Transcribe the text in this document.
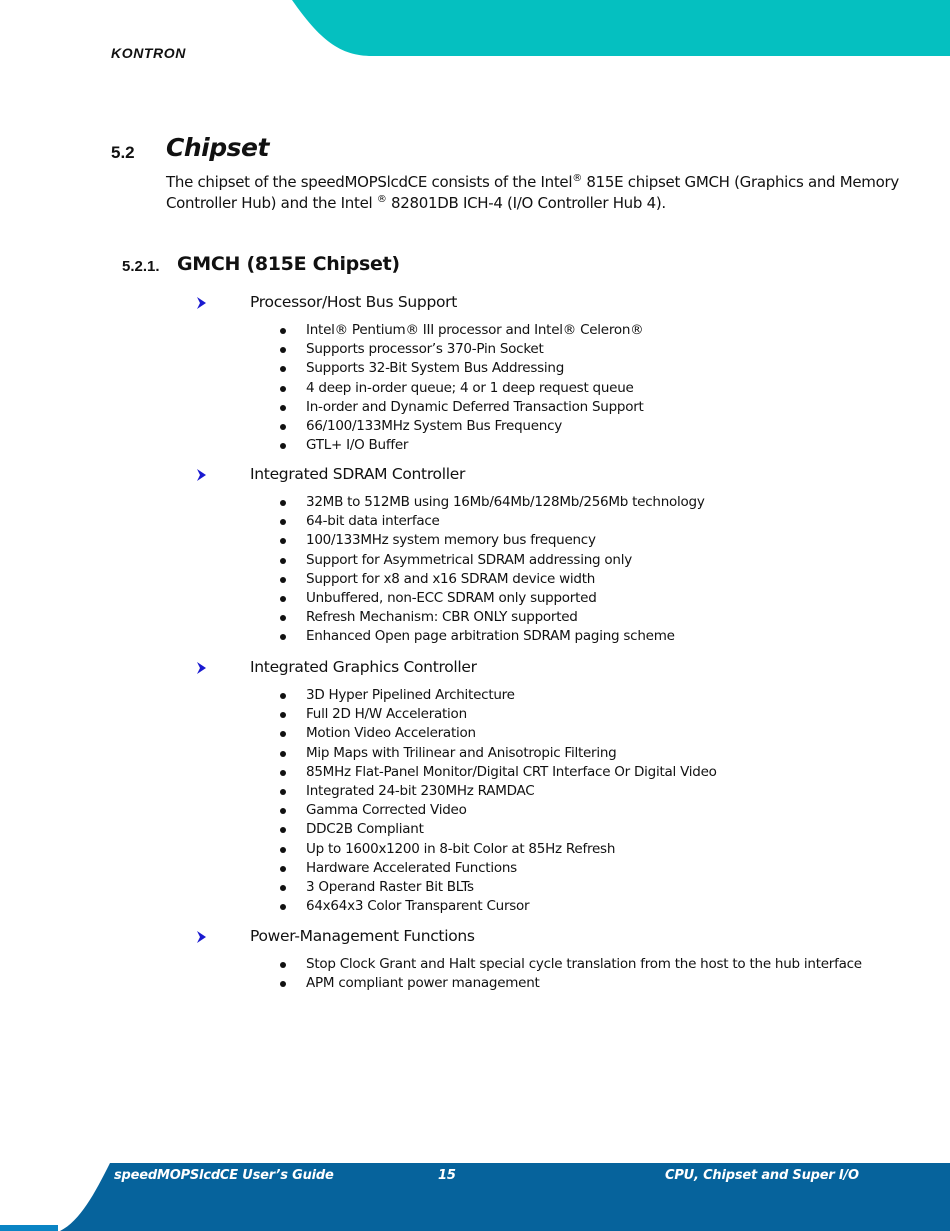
KONTRON
5.2 Chipset

The chipset of the speedMOPSlcdCE consists of the Intel® 815E chipset GMCH (Graphics and Memory

Controller Hub) and the Intel ® 82801DB ICH-4 (I/O Controller Hub 4).

5.2.1. GMCH (815E Chipset)
Processor/Host Bus Support
Intel® Pentium® III processor and Intel® Celeron®
Supports processor’s 370-Pin Socket
Supports 32-Bit System Bus Addressing
4 deep in-order queue; 4 or 1 deep request queue
In-order and Dynamic Deferred Transaction Support
66/100/133MHz System Bus Frequency
GTL+ I/O Buffer
Integrated SDRAM Controller
32MB to 512MB using 16Mb/64Mb/128Mb/256Mb technology
64-bit data interface
100/133MHz system memory bus frequency
Support for Asymmetrical SDRAM addressing only
Support for x8 and x16 SDRAM device width
Unbuffered, non-ECC SDRAM only supported
Refresh Mechanism: CBR ONLY supported
Enhanced Open page arbitration SDRAM paging scheme
Integrated Graphics Controller
3D Hyper Pipelined Architecture
Full 2D H/W Acceleration
Motion Video Acceleration
Mip Maps with Trilinear and Anisotropic Filtering
85MHz Flat-Panel Monitor/Digital CRT Interface Or Digital Video
Integrated 24-bit 230MHz RAMDAC
Gamma Corrected Video
DDC2B Compliant
Up to 1600x1200 in 8-bit Color at 85Hz Refresh
Hardware Accelerated Functions
3 Operand Raster Bit BLTs
64x64x3 Color Transparent Cursor
Power-Management Functions
Stop Clock Grant and Halt special cycle translation from the host to the hub interface
APM compliant power management
speedMOPSlcdCE User’s Guide	15	CPU, Chipset and Super I/O
